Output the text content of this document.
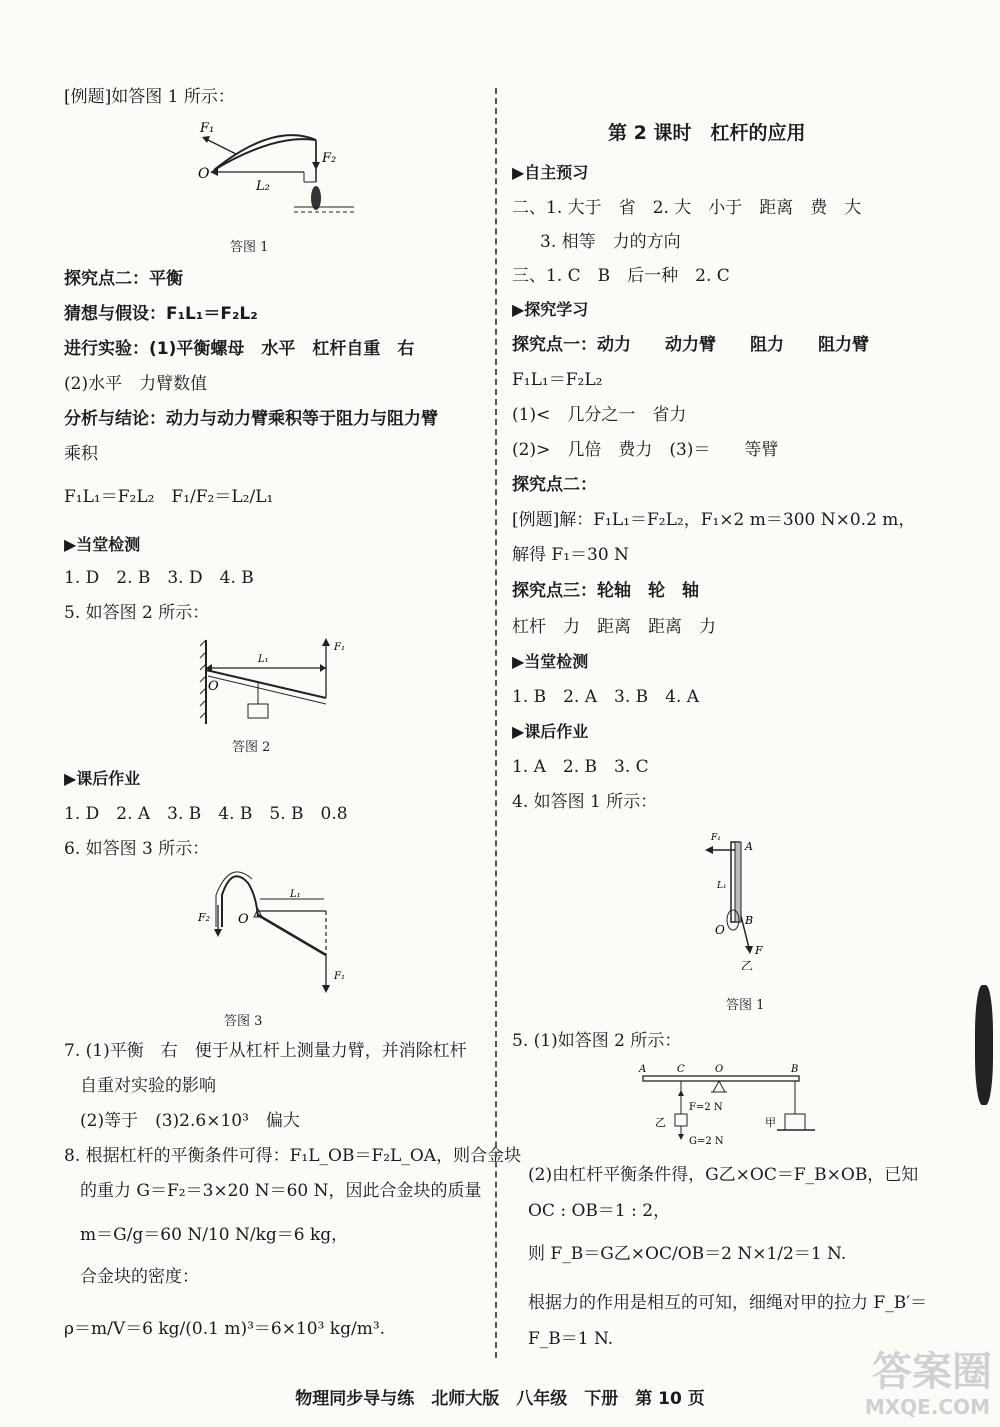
[例题]如答图 1 所示：
F₁
F₂
O
L₂
答图 1
探究点二：平衡
猜想与假设：F₁L₁＝F₂L₂
进行实验：(1)平衡螺母　水平　杠杆自重　右
(2)水平　力臂数值
分析与结论：动力与动力臂乘积等于阻力与阻力臂
乘积
F₁L₁＝F₂L₂　F₁/F₂＝L₂/L₁
▶当堂检测
1. D　2. B　3. D　4. B
5. 如答图 2 所示：
F₁
L₁
O
答图 2
▶课后作业
1. D　2. A　3. B　4. B　5. B　0.8
6. 如答图 3 所示：
F₂ O
L₁
F₁
答图 3
7. (1)平衡　右　便于从杠杆上测量力臂，并消除杠杆
自重对实验的影响
(2)等于　(3)2.6×10³　偏大
8. 根据杠杆的平衡条件可得：F₁L_OB＝F₂L_OA，则合金块
的重力 G＝F₂＝3×20 N＝60 N，因此合金块的质量
m＝G/g＝60 N/10 N/kg＝6 kg，
合金块的密度：
ρ＝m/V＝6 kg/(0.1 m)³＝6×10³ kg/m³.
第 2 课时　杠杆的应用
▶自主预习
二、1. 大于　省　2. 大　小于　距离　费　大
3. 相等　力的方向
三、1. C　B　后一种　2. C
▶探究学习
探究点一：动力　　动力臂　　阻力　　阻力臂
F₁L₁＝F₂L₂
(1)<　几分之一　省力
(2)>　几倍　费力　(3)＝　　等臂
探究点二：
[例题]解：F₁L₁＝F₂L₂，F₁×2 m＝300 N×0.2 m，
解得 F₁＝30 N
探究点三：轮轴　轮　轴
杠杆　力　距离　距离　力
▶当堂检测
1. B　2. A　3. B　4. A
▶课后作业
1. A　2. B　3. C
4. 如答图 1 所示：
F₁
A
L₁
B
O
F
乙
答图 1
5. (1)如答图 2 所示：
A	C	O	B
F=2 N
G=2 N
乙	甲
(2)由杠杆平衡条件得，G乙×OC＝F_B×OB，已知
OC : OB＝1 : 2，
则 F_B＝G乙×OC/OB＝2 N×1/2＝1 N.
根据力的作用是相互的可知，细绳对甲的拉力 F_B′＝
F_B＝1 N.
物理同步导与练　北师大版　八年级　下册　第 10 页
答案圈
MXQE.COM
